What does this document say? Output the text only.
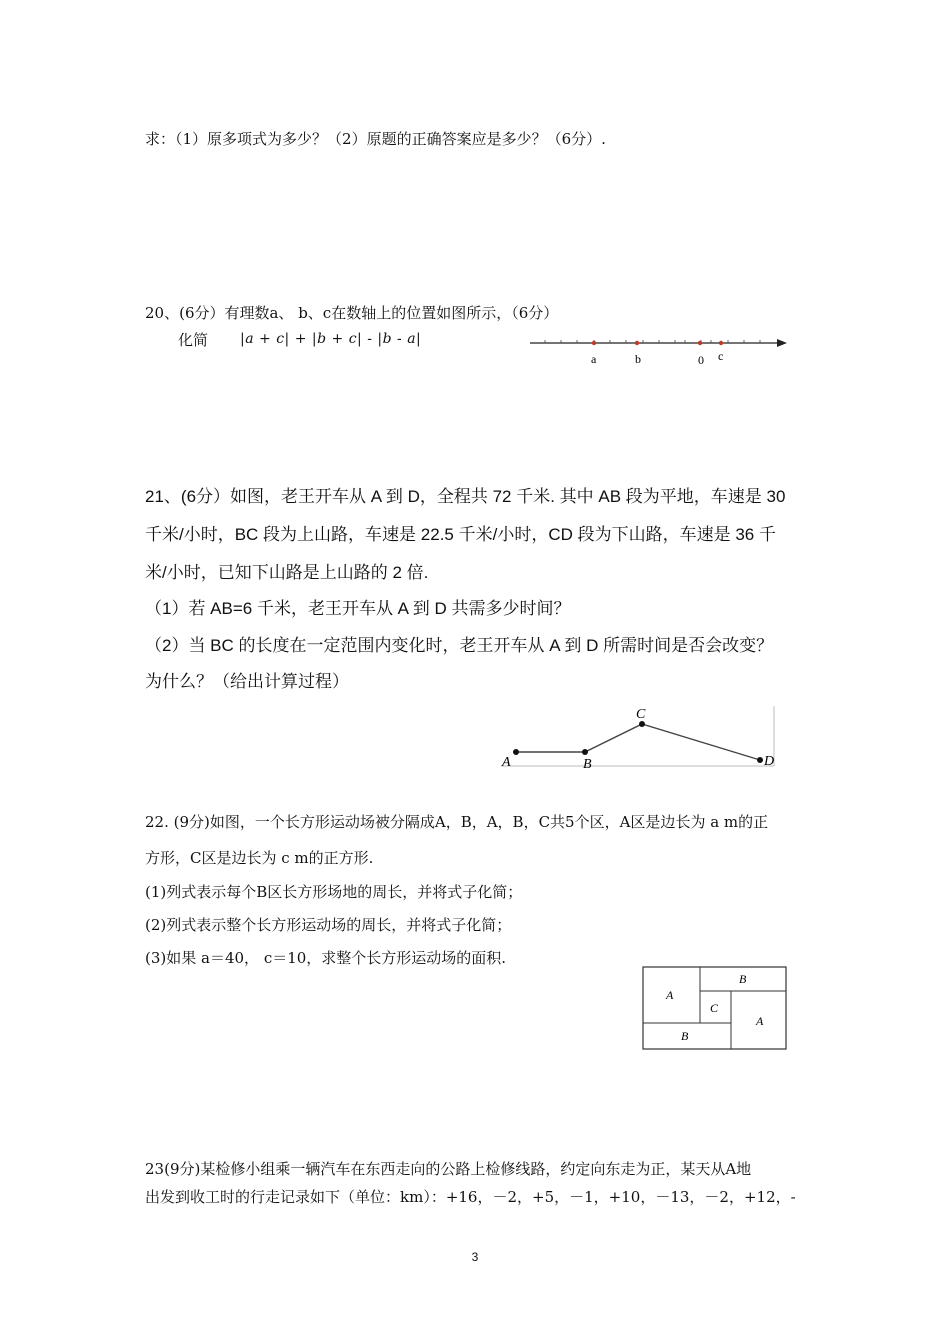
求：（1）原多项式为多少？（2）原题的正确答案应是多少？（6分）.
20、(6分）有理数a、 b、c在数轴上的位置如图所示，（6分）
化简 |a + c| + |b + c| - |b - a|
a	b	0 c
21、(6分）如图，老王开车从 A 到 D，全程共 72 千米. 其中 AB 段为平地，车速是 30
千米/小时，BC 段为上山路，车速是 22.5 千米/小时，CD 段为下山路，车速是 36 千
米/小时，已知下山路是上山路的 2 倍.
（1）若 AB=6 千米，老王开车从 A 到 D 共需多少时间？
（2）当 BC 的长度在一定范围内变化时，老王开车从 A 到 D 所需时间是否会改变？
为什么？（给出计算过程）
A	B
C
D
22. (9分)如图，一个长方形运动场被分隔成A，B，A，B，C共5个区，A区是边长为 a m的正
方形，C区是边长为 c m的正方形.
(1)列式表示每个B区长方形场地的周长，并将式子化简；
(2)列式表示整个长方形运动场的周长，并将式子化简；
(3)如果 a＝40， c＝10，求整个长方形运动场的面积.
A
B
C
A
B
23(9分)某检修小组乘一辆汽车在东西走向的公路上检修线路，约定向东走为正，某天从A地
出发到收工时的行走记录如下（单位：km）：+16，－2，+5，－1，+10，－13，－2，+12，-
3
